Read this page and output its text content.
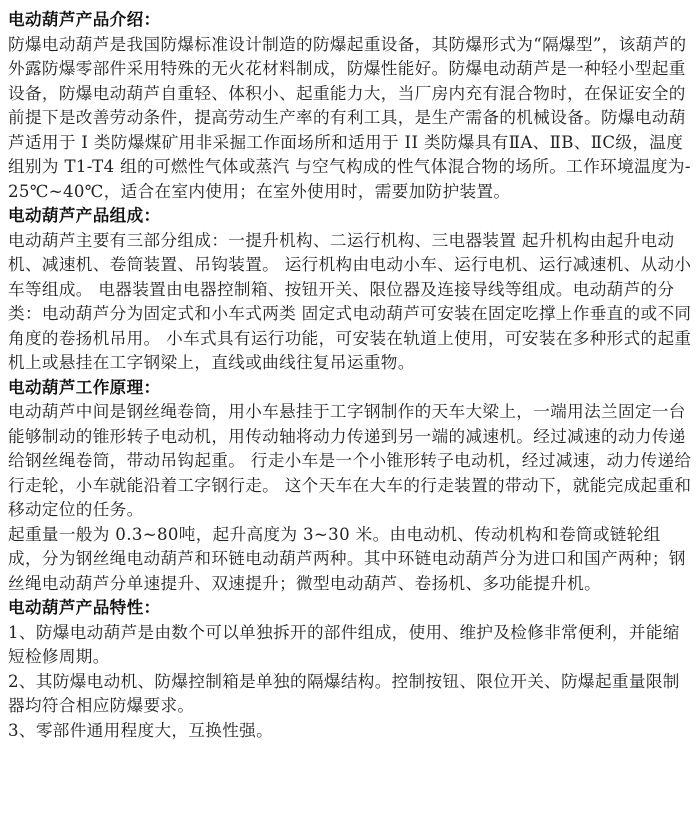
电动葫芦产品介绍：

防爆电动葫芦是我国防爆标准设计制造的防爆起重设备，其防爆形式为“隔爆型”，该葫芦的外露防爆零部件采用特殊的无火花材料制成，防爆性能好。防爆电动葫芦是一种轻小型起重设备，防爆电动葫芦自重轻、体积小、起重能力大，当厂房内充有混合物时，在保证安全的前提下是改善劳动条件，提高劳动生产率的有利工具，是生产需备的机械设备。防爆电动葫芦适用于 I 类防爆煤矿用非采掘工作面场所和适用于 II 类防爆具有ⅡA、ⅡB、ⅡC级，温度组别为 T1-T4 组的可燃性气体或蒸汽 与空气构成的性气体混合物的场所。工作环境温度为-25℃~40℃，适合在室内使用；在室外使用时，需要加防护装置。

电动葫芦产品组成：

电动葫芦主要有三部分组成：一提升机构、二运行机构、三电器装置 起升机构由起升电动机、减速机、卷筒装置、吊钩装置。 运行机构由电动小车、运行电机、运行减速机、从动小车等组成。 电器装置由电器控制箱、按钮开关、限位器及连接导线等组成。电动葫芦的分类：电动葫芦分为固定式和小车式两类 固定式电动葫芦可安装在固定吃撑上作垂直的或不同角度的卷扬机吊用。 小车式具有运行功能，可安装在轨道上使用，可安装在多种形式的起重机上或悬挂在工字钢梁上，直线或曲线往复吊运重物。

电动葫芦工作原理：

电动葫芦中间是钢丝绳卷筒，用小车悬挂于工字钢制作的天车大梁上，一端用法兰固定一台能够制动的锥形转子电动机，用传动轴将动力传递到另一端的减速机。经过减速的动力传递给钢丝绳卷筒，带动吊钩起重。 行走小车是一个小锥形转子电动机，经过减速，动力传递给行走轮，小车就能沿着工字钢行走。 这个天车在大车的行走装置的带动下，就能完成起重和移动定位的任务。

起重量一般为 0.3~80吨，起升高度为 3~30 米。由电动机、传动机构和卷筒或链轮组成，分为钢丝绳电动葫芦和环链电动葫芦两种。其中环链电动葫芦分为进口和国产两种；钢丝绳电动葫芦分单速提升、双速提升；微型电动葫芦、卷扬机、多功能提升机。

电动葫芦产品特性：

1、防爆电动葫芦是由数个可以单独拆开的部件组成，使用、维护及检修非常便利，并能缩短检修周期。

2、其防爆电动机、防爆控制箱是单独的隔爆结构。控制按钮、限位开关、防爆起重量限制器均符合相应防爆要求。

3、零部件通用程度大，互换性强。
